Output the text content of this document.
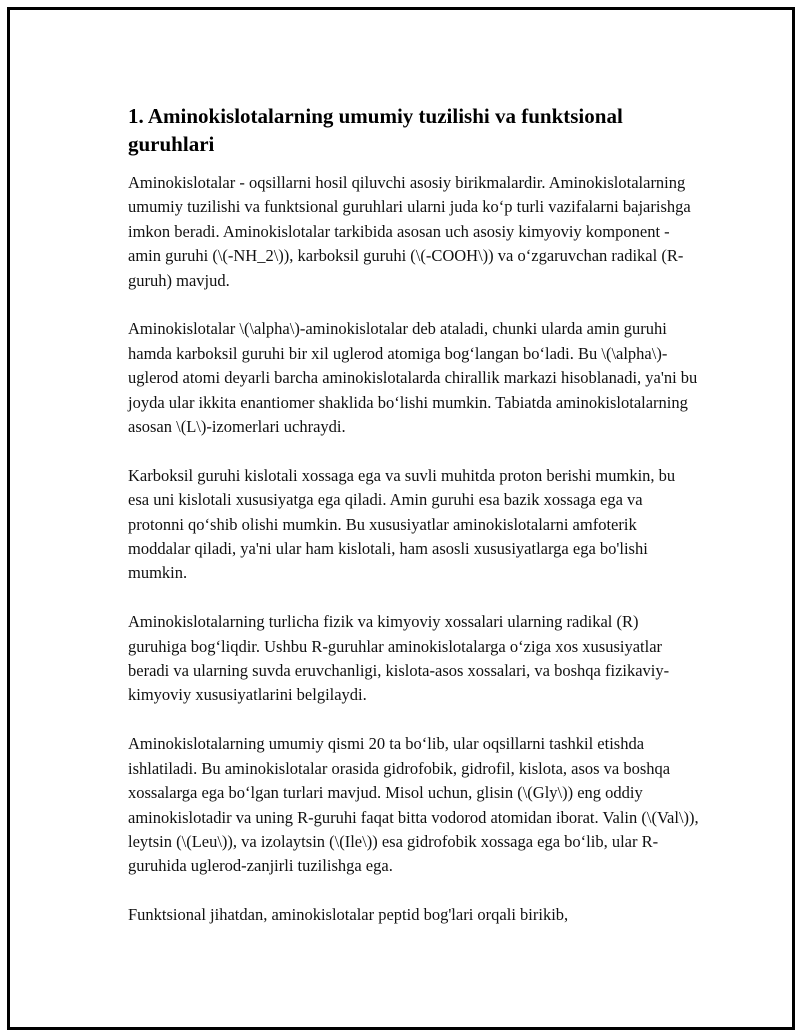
1. Aminokislotalarning umumiy tuzilishi va funktsional guruhlari

Aminokislotalar - oqsillarni hosil qiluvchi asosiy birikmalardir. Aminokislotalarning umumiy tuzilishi va funktsional guruhlari ularni juda ko‘p turli vazifalarni bajarishga imkon beradi. Aminokislotalar tarkibida asosan uch asosiy kimyoviy komponent - amin guruhi (\(-NH_2\)), karboksil guruhi (\(-COOH\)) va o‘zgaruvchan radikal (R-guruh) mavjud.

Aminokislotalar \(\alpha\)-aminokislotalar deb ataladi, chunki ularda amin guruhi hamda karboksil guruhi bir xil uglerod atomiga bog‘langan bo‘ladi. Bu \(\alpha\)-uglerod atomi deyarli barcha aminokislotalarda chirallik markazi hisoblanadi, ya'ni bu joyda ular ikkita enantiomer shaklida bo‘lishi mumkin. Tabiatda aminokislotalarning asosan \(L\)-izomerlari uchraydi.

Karboksil guruhi kislotali xossaga ega va suvli muhitda proton berishi mumkin, bu esa uni kislotali xususiyatga ega qiladi. Amin guruhi esa bazik xossaga ega va protonni qo‘shib olishi mumkin. Bu xususiyatlar aminokislotalarni amfoterik moddalar qiladi, ya'ni ular ham kislotali, ham asosli xususiyatlarga ega bo'lishi mumkin.

Aminokislotalarning turlicha fizik va kimyoviy xossalari ularning radikal (R) guruhiga bog‘liqdir. Ushbu R-guruhlar aminokislotalarga o‘ziga xos xususiyatlar beradi va ularning suvda eruvchanligi, kislota-asos xossalari, va boshqa fizikaviy-kimyoviy xususiyatlarini belgilaydi.

Aminokislotalarning umumiy qismi 20 ta bo‘lib, ular oqsillarni tashkil etishda ishlatiladi. Bu aminokislotalar orasida gidrofobik, gidrofil, kislota, asos va boshqa xossalarga ega bo‘lgan turlari mavjud. Misol uchun, glisin (\(Gly\)) eng oddiy aminokislotadir va uning R-guruhi faqat bitta vodorod atomidan iborat. Valin (\(Val\)), leytsin (\(Leu\)), va izolaytsin (\(Ile\)) esa gidrofobik xossaga ega bo‘lib, ular R-guruhida uglerod-zanjirli tuzilishga ega.

Funktsional jihatdan, aminokislotalar peptid bog'lari orqali birikib,
